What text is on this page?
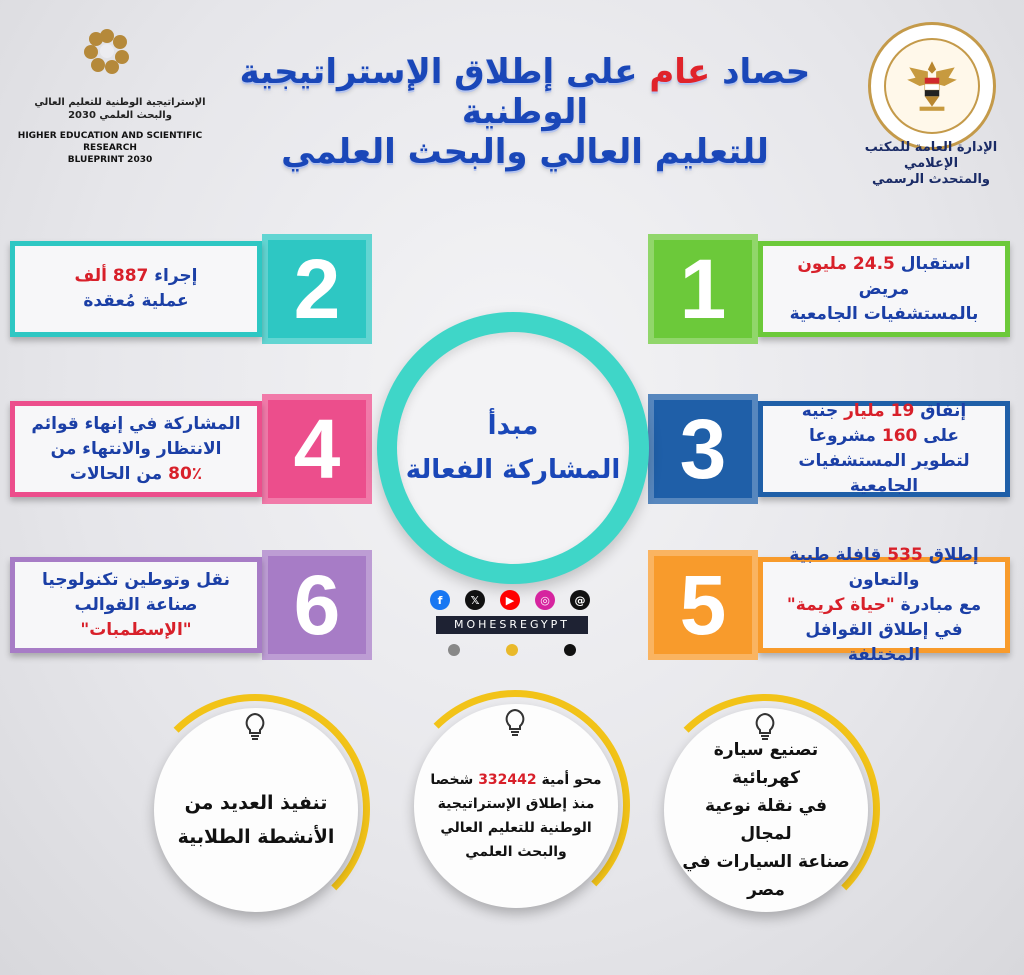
حصاد عام على إطلاق الإستراتيجية الوطنية
للتعليم العالي والبحث العلمي	الإدارة العامة للمكتب الإعلامي
والمتحدث الرسمي
الإستراتيجية الوطنية للتعليم العالي
والبحث العلمي 2030
HIGHER EDUCATION AND SCIENTIFIC RESEARCH
BLUEPRINT 2030
1	استقبال 24.5 مليون مريض
بالمستشفيات الجامعية
2
إجراء 887 ألف
عملية مُعقدة
3	إنفاق 19 مليار جنيه
على 160 مشروعا
لتطوير المستشفيات الجامعية
4
المشاركة في إنهاء قوائم
الانتظار والانتهاء من
80٪ من الحالات
5
إطلاق 535 قافلة طبية والتعاون
مع مبادرة "حياة كريمة"
في إطلاق القوافل المختلفة
6
نقل وتوطين تكنولوجيا
صناعة القوالب
"الإسطمبات"
مبدأ
المشاركة الفعالة
f	𝕏	▶	◎	@
MOHESREGYPT
تصنيع سيارة كهربائية
في نقلة نوعية لمجال
صناعة السيارات في مصر
محو أمية 332442 شخصا
منذ إطلاق الإستراتيجية
الوطنية للتعليم العالي
والبحث العلمي
تنفيذ العديد من
الأنشطة الطلابية
